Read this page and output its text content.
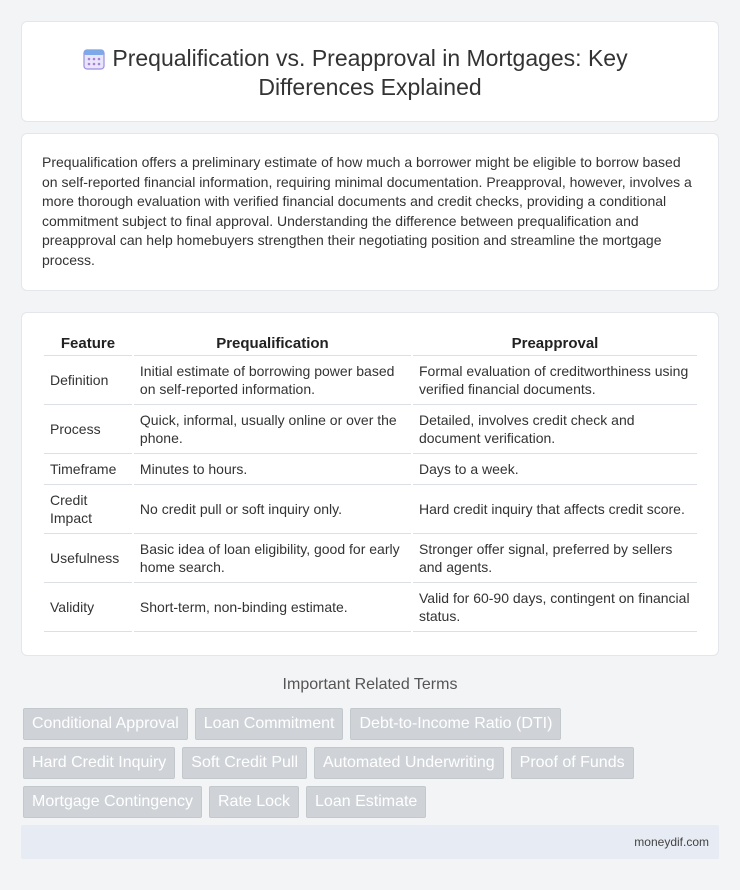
Prequalification vs. Preapproval in Mortgages: Key Differences Explained

Prequalification offers a preliminary estimate of how much a borrower might be eligible to borrow based on self-reported financial information, requiring minimal documentation. Preapproval, however, involves a more thorough evaluation with verified financial documents and credit checks, providing a conditional commitment subject to final approval. Understanding the difference between prequalification and preapproval can help homebuyers strengthen their negotiating position and streamline the mortgage process.

Feature	Prequalification	Preapproval
Definition	Initial estimate of borrowing power based on self-reported information.	Formal evaluation of creditworthiness using verified financial documents.
Process	Quick, informal, usually online or over the phone.	Detailed, involves credit check and document verification.
Timeframe	Minutes to hours.	Days to a week.
Credit Impact	No credit pull or soft inquiry only.	Hard credit inquiry that affects credit score.
Usefulness	Basic idea of loan eligibility, good for early home search.	Stronger offer signal, preferred by sellers and agents.
Validity	Short-term, non-binding estimate.	Valid for 60-90 days, contingent on financial status.
Important Related Terms
Conditional Approval	Loan Commitment	Debt-to-Income Ratio (DTI)
Hard Credit Inquiry	Soft Credit Pull	Automated Underwriting	Proof of Funds
Mortgage Contingency	Rate Lock	Loan Estimate
moneydif.com
